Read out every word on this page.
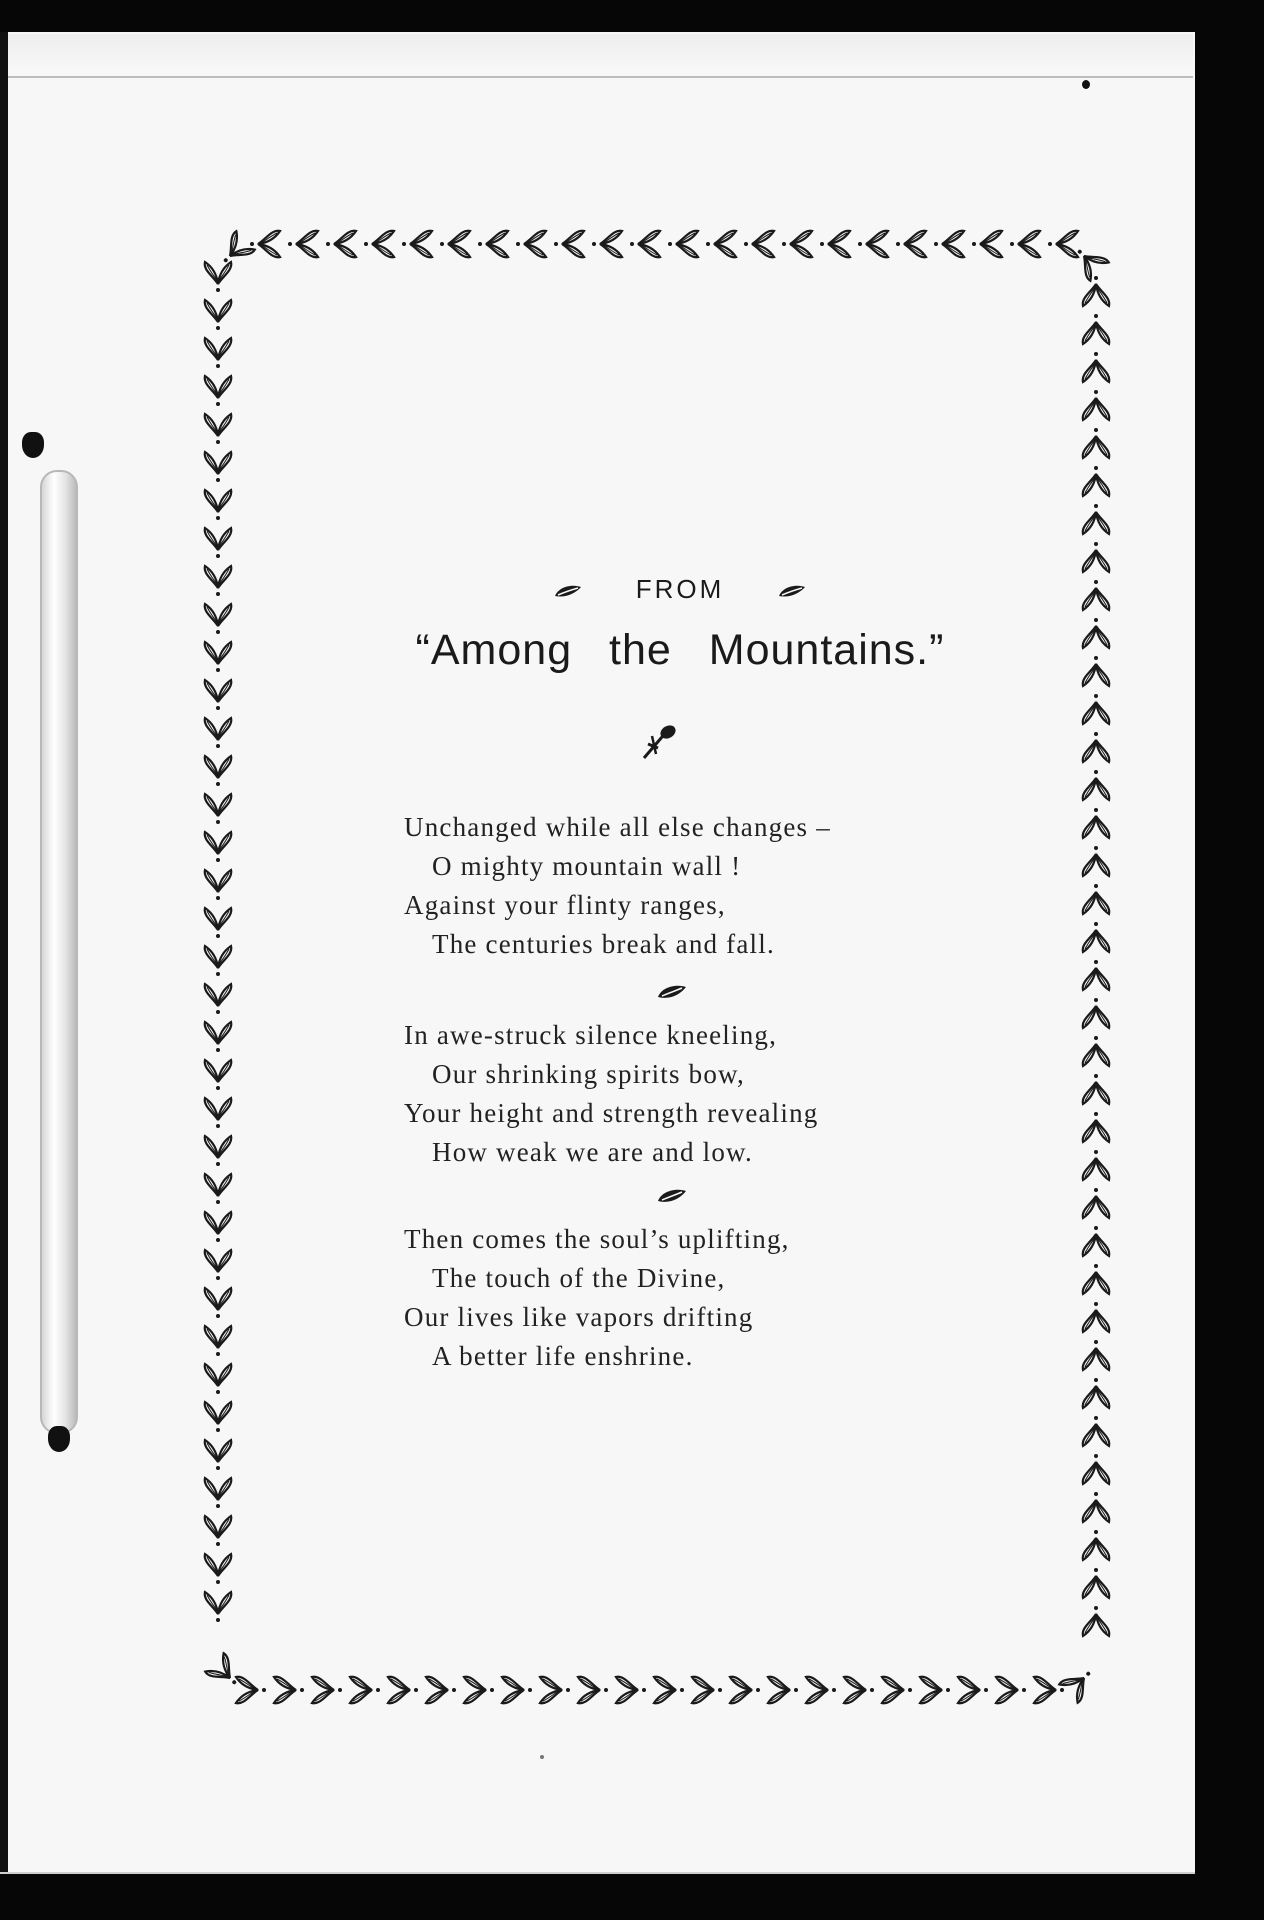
FROM
“Among the Mountains.”
Unchanged while all else changes –
O mighty mountain wall !
Against your flinty ranges,
The centuries break and fall.
In awe-struck silence kneeling,
Our shrinking spirits bow,
Your height and strength revealing
How weak we are and low.
Then comes the soul’s uplifting,
The touch of the Divine,
Our lives like vapors drifting
A better life enshrine.
